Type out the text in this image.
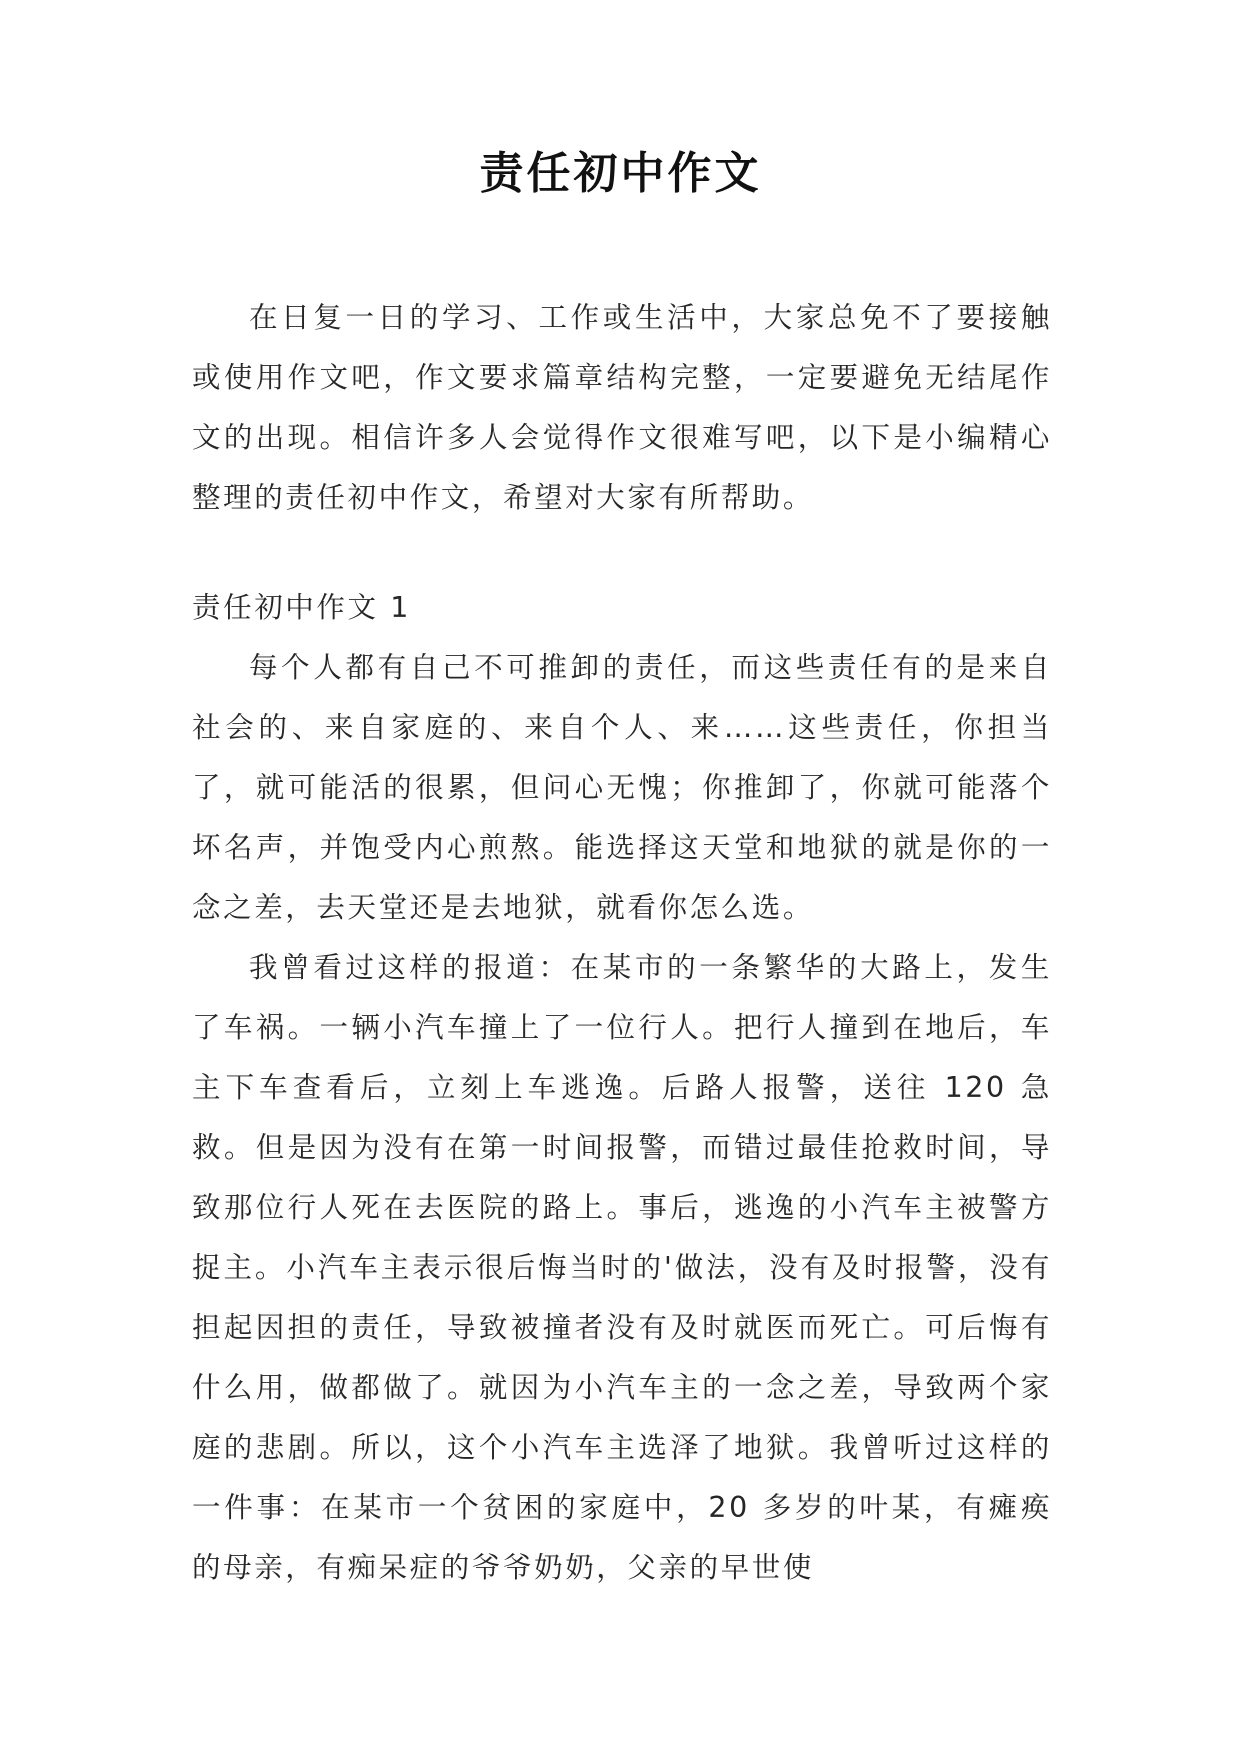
责任初中作文

在日复一日的学习、工作或生活中，大家总免不了要接触或使用作文吧，作文要求篇章结构完整，一定要避免无结尾作文的出现。相信许多人会觉得作文很难写吧，以下是小编精心整理的责任初中作文，希望对大家有所帮助。

责任初中作文 1

每个人都有自己不可推卸的责任，而这些责任有的是来自社会的、来自家庭的、来自个人、来……这些责任，你担当了，就可能活的很累，但问心无愧；你推卸了，你就可能落个坏名声，并饱受内心煎熬。能选择这天堂和地狱的就是你的一念之差，去天堂还是去地狱，就看你怎么选。

我曾看过这样的报道：在某市的一条繁华的大路上，发生了车祸。一辆小汽车撞上了一位行人。把行人撞到在地后，车主下车查看后，立刻上车逃逸。后路人报警，送往 120 急救。但是因为没有在第一时间报警，而错过最佳抢救时间，导致那位行人死在去医院的路上。事后，逃逸的小汽车主被警方捉主。小汽车主表示很后悔当时的'做法，没有及时报警，没有担起因担的责任，导致被撞者没有及时就医而死亡。可后悔有什么用，做都做了。就因为小汽车主的一念之差，导致两个家庭的悲剧。所以，这个小汽车主选泽了地狱。我曾听过这样的一件事：在某市一个贫困的家庭中，20 多岁的叶某，有瘫痪的母亲，有痴呆症的爷爷奶奶，父亲的早世使
